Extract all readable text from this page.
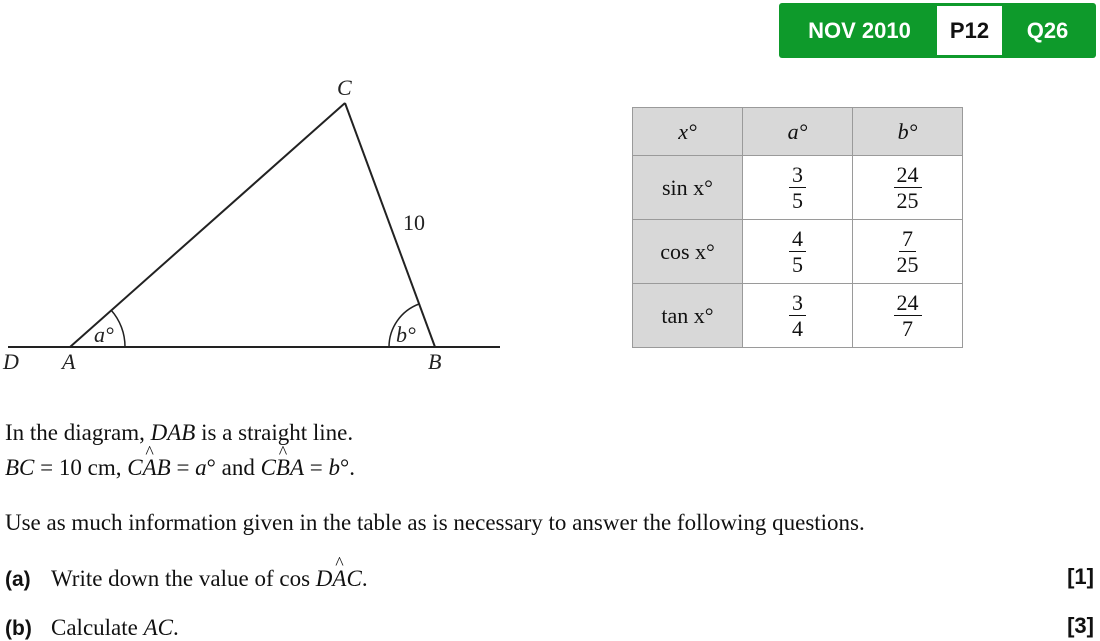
NOV 2010	P12	Q26
C
D A	B
10
a°	b°
x°	a°	b°
sin x°	$\frac{3}{5}$	$\frac{24}{25}$

cos x°	$\frac{4}{5}$	$\frac{7}{25}$

tan x°	$\frac{3}{4}$	$\frac{24}{7}$
In the diagram, DAB is a straight line.
BC = 10 cm, C^ AB = a° and C^ BA = b°.
Use as much information given in the table as is necessary to answer the following questions.
(a) Write down the value of cos D^ AC.	[1]
(b) Calculate AC.	[3]
